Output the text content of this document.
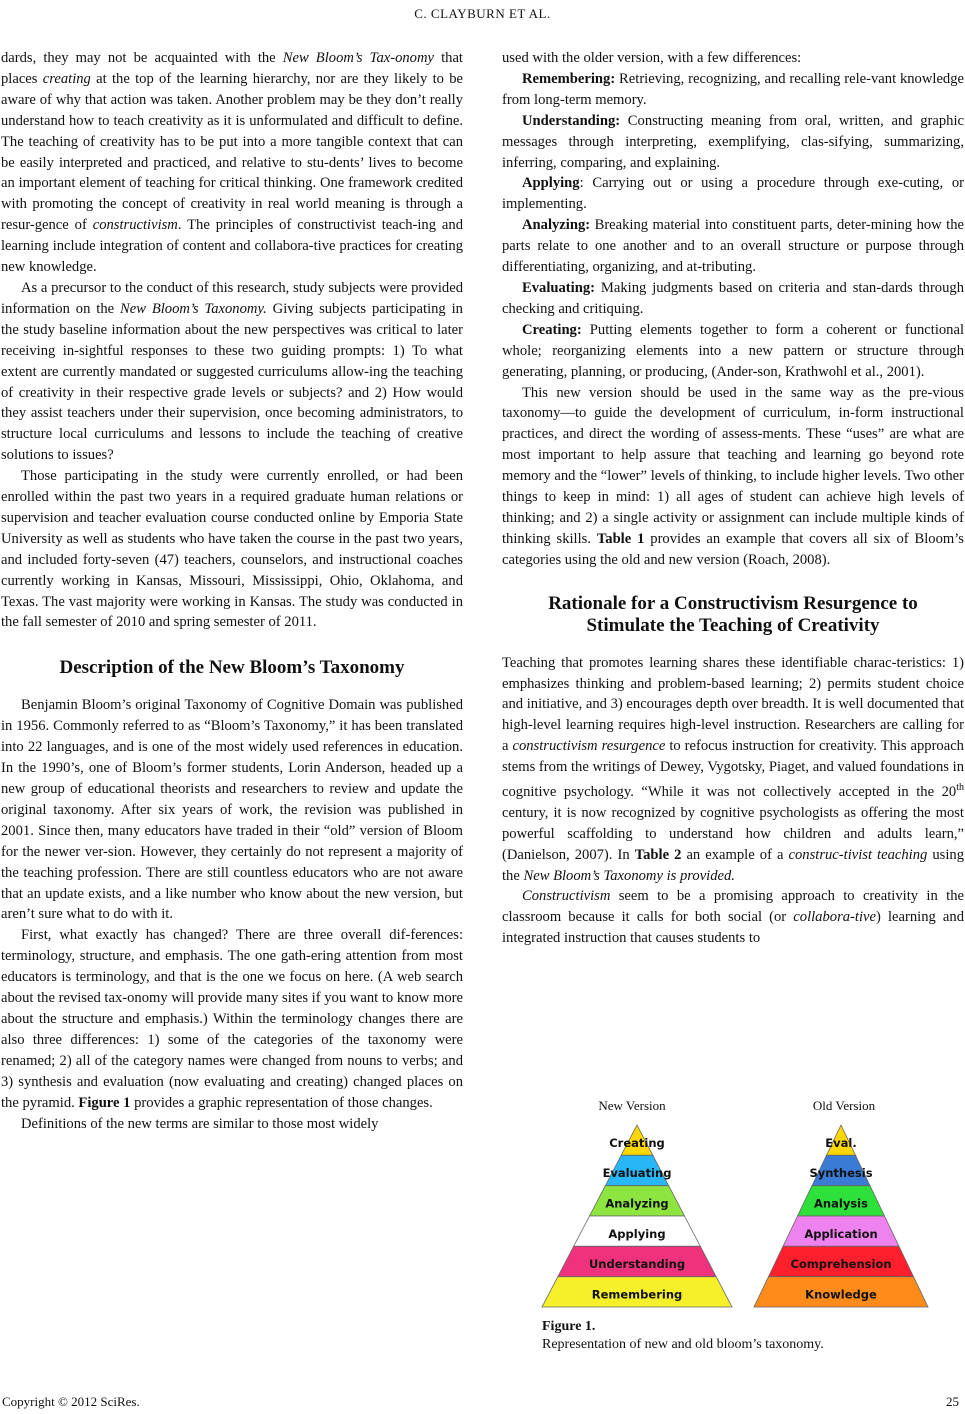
C. CLAYBURN ET AL.

dards, they may not be acquainted with the New Bloom’s Tax-onomy that places creating at the top of the learning hierarchy, nor are they likely to be aware of why that action was taken. Another problem may be they don’t really understand how to teach creativity as it is unformulated and difficult to define. The teaching of creativity has to be put into a more tangible context that can be easily interpreted and practiced, and relative to stu-dents’ lives to become an important element of teaching for critical thinking. One framework credited with promoting the concept of creativity in real world meaning is through a resur-gence of constructivism. The principles of constructivist teach-ing and learning include integration of content and collabora-tive practices for creating new knowledge.

As a precursor to the conduct of this research, study subjects were provided information on the New Bloom’s Taxonomy. Giving subjects participating in the study baseline information about the new perspectives was critical to later receiving in-sightful responses to these two guiding prompts: 1) To what extent are currently mandated or suggested curriculums allow-ing the teaching of creativity in their respective grade levels or subjects? and 2) How would they assist teachers under their supervision, once becoming administrators, to structure local curriculums and lessons to include the teaching of creative solutions to issues?

Those participating in the study were currently enrolled, or had been enrolled within the past two years in a required graduate human relations or supervision and teacher evaluation course conducted online by Emporia State University as well as students who have taken the course in the past two years, and included forty-seven (47) teachers, counselors, and instructional coaches currently working in Kansas, Missouri, Mississippi, Ohio, Oklahoma, and Texas. The vast majority were working in Kansas. The study was conducted in the fall semester of 2010 and spring semester of 2011.

Description of the New Bloom’s Taxonomy

Benjamin Bloom’s original Taxonomy of Cognitive Domain was published in 1956. Commonly referred to as “Bloom’s Taxonomy,” it has been translated into 22 languages, and is one of the most widely used references in education. In the 1990’s, one of Bloom’s former students, Lorin Anderson, headed up a new group of educational theorists and researchers to review and update the original taxonomy. After six years of work, the revision was published in 2001. Since then, many educators have traded in their “old” version of Bloom for the newer ver-sion. However, they certainly do not represent a majority of the teaching profession. There are still countless educators who are not aware that an update exists, and a like number who know about the new version, but aren’t sure what to do with it.

First, what exactly has changed? There are three overall dif-ferences: terminology, structure, and emphasis. The one gath-ering attention from most educators is terminology, and that is the one we focus on here. (A web search about the revised tax-onomy will provide many sites if you want to know more about the structure and emphasis.) Within the terminology changes there are also three differences: 1) some of the categories of the taxonomy were renamed; 2) all of the category names were changed from nouns to verbs; and 3) synthesis and evaluation (now evaluating and creating) changed places on the pyramid. Figure 1 provides a graphic representation of those changes.

Definitions of the new terms are similar to those most widely

used with the older version, with a few differences:

Remembering: Retrieving, recognizing, and recalling rele-vant knowledge from long-term memory.

Understanding: Constructing meaning from oral, written, and graphic messages through interpreting, exemplifying, clas-sifying, summarizing, inferring, comparing, and explaining.

Applying: Carrying out or using a procedure through exe-cuting, or implementing.

Analyzing: Breaking material into constituent parts, deter-mining how the parts relate to one another and to an overall structure or purpose through differentiating, organizing, and at-tributing.

Evaluating: Making judgments based on criteria and stan-dards through checking and critiquing.

Creating: Putting elements together to form a coherent or functional whole; reorganizing elements into a new pattern or structure through generating, planning, or producing, (Ander-son, Krathwohl et al., 2001).

This new version should be used in the same way as the pre-vious taxonomy—to guide the development of curriculum, in-form instructional practices, and direct the wording of assess-ments. These “uses” are what are most important to help assure that teaching and learning go beyond rote memory and the “lower” levels of thinking, to include higher levels. Two other things to keep in mind: 1) all ages of student can achieve high levels of thinking; and 2) a single activity or assignment can include multiple kinds of thinking skills. Table 1 provides an example that covers all six of Bloom’s categories using the old and new version (Roach, 2008).

Rationale for a Constructivism Resurgence to
Stimulate the Teaching of Creativity

Teaching that promotes learning shares these identifiable charac-teristics: 1) emphasizes thinking and problem-based learning; 2) permits student choice and initiative, and 3) encourages depth over breadth. It is well documented that high-level learning requires high-level instruction. Researchers are calling for a constructivism resurgence to refocus instruction for creativity. This approach stems from the writings of Dewey, Vygotsky, Piaget, and valued foundations in cognitive psychology. “While it was not collectively accepted in the 20th century, it is now recognized by cognitive psychologists as offering the most powerful scaffolding to understand how children and adults learn,” (Danielson, 2007). In Table 2 an example of a construc-tivist teaching using the New Bloom’s Taxonomy is provided.

Constructivism seem to be a promising approach to creativity in the classroom because it calls for both social (or collabora-tive) learning and integrated instruction that causes students to

New Version	Old Version
Creating
Evaluating
Analyzing
Applying
Understanding
Remembering
Eval.
Synthesis
Analysis
Application
Comprehension
Knowledge
Figure 1.
Representation of new and old bloom’s taxonomy.
Copyright © 2012 SciRes.	25
